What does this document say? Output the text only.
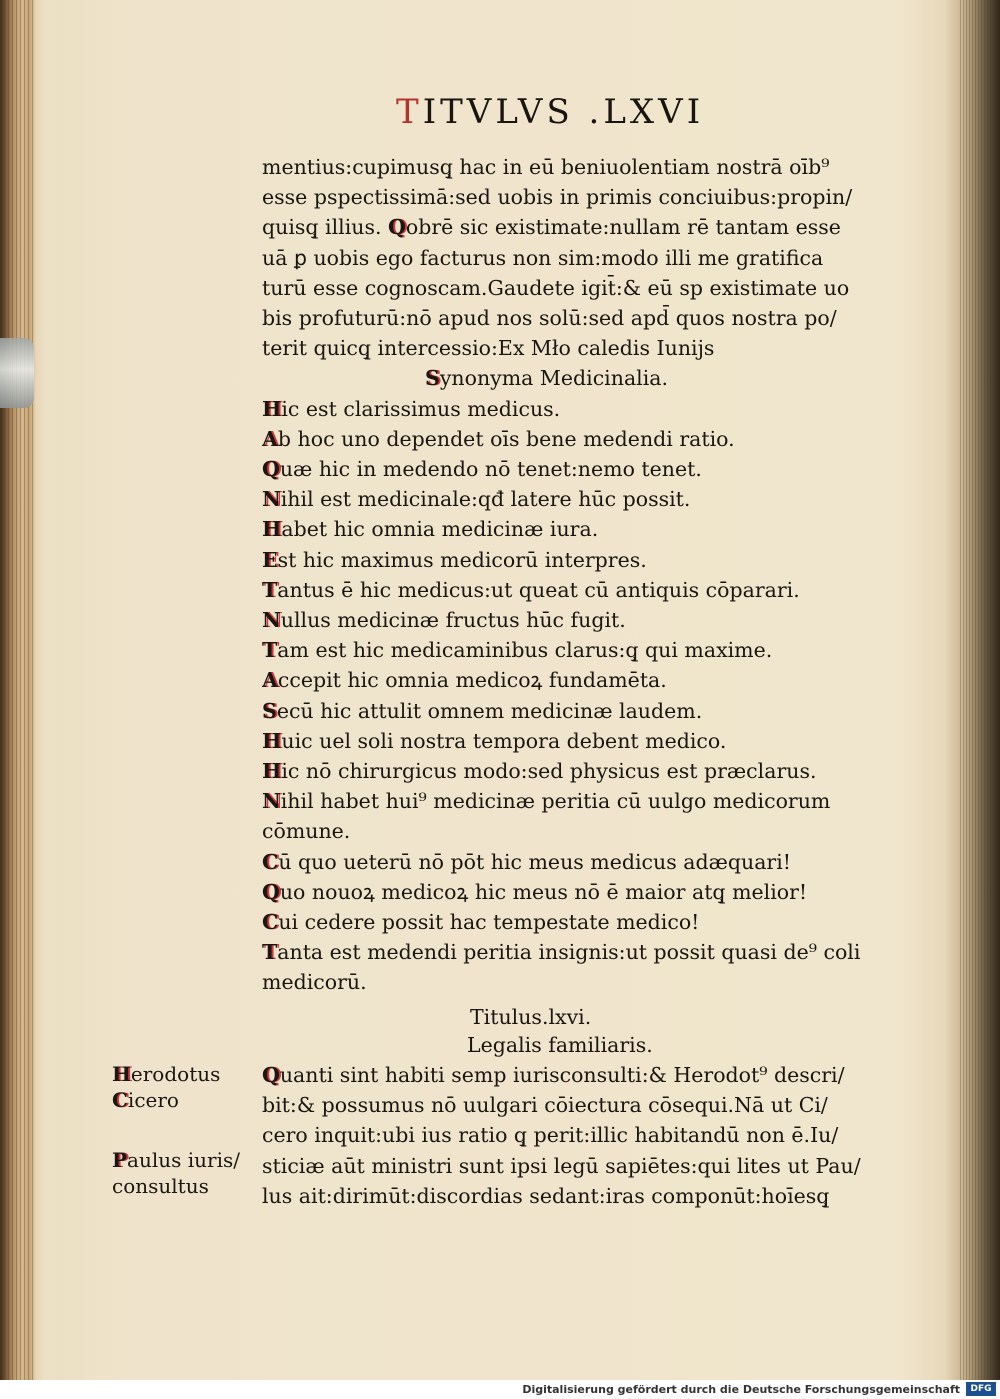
TITVLVS .LXVI
mentius:cupimusq̧ hac in eū beniuolentiam nostrā oīb⁹
esse pspectissimā:sed uobis in primis conciuibus:propin/
quisq̧ illius. Qobrē sic existimate:nullam rē tantam esse
uā ꝑ uobis ego facturus non sim:modo illi me gratifica
turū esse cognoscam.Gaudete igit̄:& eū sp existimate uo
bis profuturū:nō apud nos solū:sed apd̄ quos nostra po/
terit quicq̧ intercessio:Ex Mło caledis Iunijs
Synonyma Medicinalia.
Hic est clarissimus medicus.
Ab hoc uno dependet oīs bene medendi ratio.
Quæ hic in medendo nō tenet:nemo tenet.
Nihil est medicinale:qđ latere hūc possit.
Habet hic omnia medicinæ iura.
Est hic maximus medicorū interpres.
Tantus ē hic medicus:ut queat cū antiquis cōparari.
Nullus medicinæ fructus hūc fugit.
Tam est hic medicaminibus clarus:q̧ qui maxime.
Accepit hic omnia medicoꝝ fundamēta.
Secū hic attulit omnem medicinæ laudem.
Huic uel soli nostra tempora debent medico.
Hic nō chirurgicus modo:sed physicus est præclarus.
Nihil habet hui⁹ medicinæ peritia cū uulgo medicorum
cōmune.
Cū quo ueterū nō pōt hic meus medicus adæquari!
Quo nouoꝝ medicoꝝ hic meus nō ē maior atq̧ melior!
Cui cedere possit hac tempestate medico!
Tanta est medendi peritia insignis:ut possit quasi de⁹ coli
medicorū.
Titulus.lxvi.
Legalis familiaris.
Quanti sint habiti semp iurisconsulti:& Herodot⁹ descri/
bit:& possumus nō uulgari cōiectura cōsequi.Nā ut Ci/
cero inquit:ubi ius ratio q̧ perit:illic habitandū non ē.Iu/
sticiæ aūt ministri sunt ipsi legū sapiētes:qui lites ut Pau/
lus ait:dirimūt:discordias sedant:iras componūt:hoīesq̧
Herodotus
Cicero
Paulus iuris/
consultus
Digitalisierung gefördert durch die Deutsche Forschungsgemeinschaft	DFG
